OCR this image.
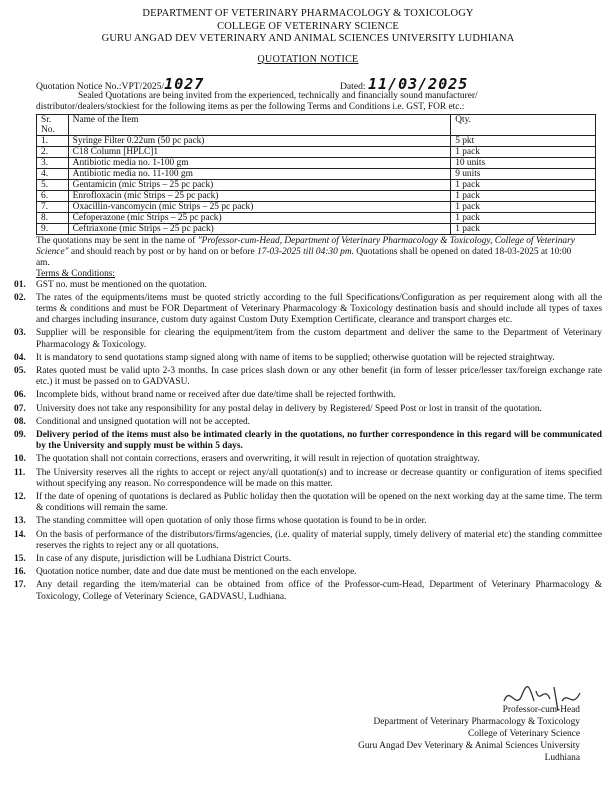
DEPARTMENT OF VETERINARY PHARMACOLOGY & TOXICOLOGY
COLLEGE OF VETERINARY SCIENCE
GURU ANGAD DEV VETERINARY AND ANIMAL SCIENCES UNIVERSITY LUDHIANA
QUOTATION NOTICE
Quotation Notice No.:VPT/2025/1027	Dated: 11/03/2025
Sealed Quotations are being invited from the experienced, technically and financially sound manufacturer/ distributor/dealers/stockiest for the following items as per the following Terms and Conditions i.e. GST, FOR etc.:
Sr. No.	Name of the Item	Qty.
1.	Syringe Filter 0.22um (50 pc pack)	5 pkt
2.	C18 Column [HPLC]1	1 pack
3.	Antibiotic media no. 1-100 gm	10 units
4.	Antibiotic media no. 11-100 gm	9 units
5.	Gentamicin (mic Strips – 25 pc pack)	1 pack
6.	Enrofloxacin (mic Strips – 25 pc pack)	1 pack
7.	Oxacillin-vancomycin (mic Strips – 25 pc pack)	1 pack
8.	Cefoperazone (mic Strips – 25 pc pack)	1 pack
9.	Ceftriaxone (mic Strips – 25 pc pack)	1 pack
The quotations may be sent in the name of "Professor-cum-Head, Department of Veterinary Pharmacology & Toxicology, College of Veterinary Science" and should reach by post or by hand on or before 17-03-2025 till 04:30 pm. Quotations shall be opened on dated 18-03-2025 at 10:00 am.
Terms & Conditions:
01. GST no. must be mentioned on the quotation.
02. The rates of the equipments/items must be quoted strictly according to the full Specifications/Configuration as per requirement along with all the terms & conditions and must be FOR Department of Veterinary Pharmacology & Toxicology destination basis and should include all types of taxes and charges including insurance, custom duty against Custom Duty Exemption Certificate, clearance and transport charges etc.
03. Supplier will be responsible for clearing the equipment/item from the custom department and deliver the same to the Department of Veterinary Pharmacology & Toxicology.
04. It is mandatory to send quotations stamp signed along with name of items to be supplied; otherwise quotation will be rejected straightway.
05. Rates quoted must be valid upto 2-3 months. In case prices slash down or any other benefit (in form of lesser price/lesser tax/foreign exchange rate etc.) it must be passed on to GADVASU.
06. Incomplete bids, without brand name or received after due date/time shall be rejected forthwith.
07. University does not take any responsibility for any postal delay in delivery by Registered/ Speed Post or lost in transit of the quotation.
08. Conditional and unsigned quotation will not be accepted.
09. Delivery period of the items must also be intimated clearly in the quotations, no further correspondence in this regard will be communicated by the University and supply must be within 5 days.
10. The quotation shall not contain corrections, erasers and overwriting, it will result in rejection of quotation straightway.
11. The University reserves all the rights to accept or reject any/all quotation(s) and to increase or decrease quantity or configuration of items specified without specifying any reason. No correspondence will be made on this matter.
12. If the date of opening of quotations is declared as Public holiday then the quotation will be opened on the next working day at the same time. The term & conditions will remain the same.
13. The standing committee will open quotation of only those firms whose quotation is found to be in order.
14. On the basis of performance of the distributors/firms/agencies, (i.e. quality of material supply, timely delivery of material etc) the standing committee reserves the rights to reject any or all quotations.
15. In case of any dispute, jurisdiction will be Ludhiana District Courts.
16. Quotation notice number, date and due date must be mentioned on the each envelope.
17. Any detail regarding the item/material can be obtained from office of the Professor-cum-Head, Department of Veterinary Pharmacology & Toxicology, College of Veterinary Science, GADVASU, Ludhiana.
Professor-cum-Head
Department of Veterinary Pharmacology & Toxicology
College of Veterinary Science
Guru Angad Dev Veterinary & Animal Sciences University
Ludhiana
